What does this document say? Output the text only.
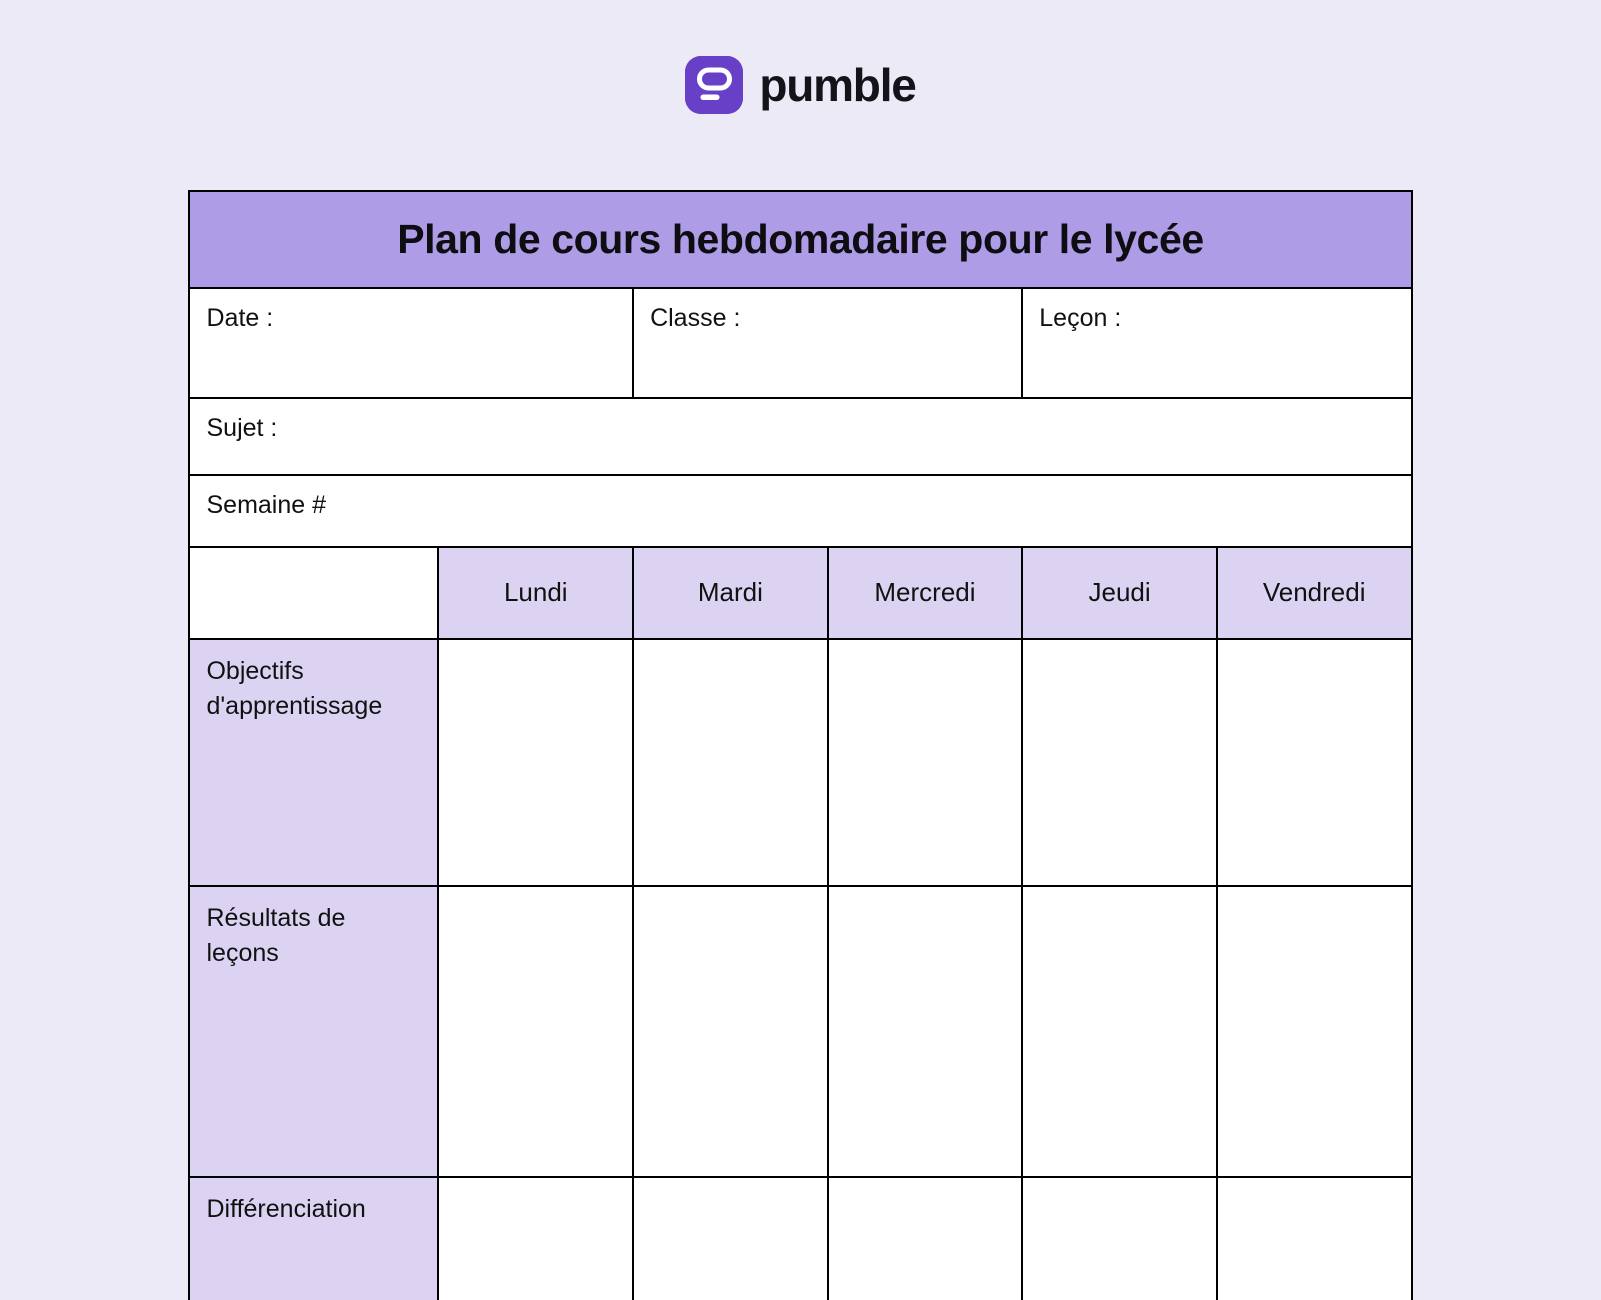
pumble
Plan de cours hebdomadaire pour le lycée					

Date :		Classe :		Leçon :	
Sujet :					
Semaine #					
	Lundi	Mardi	Mercredi	Jeudi	Vendredi
Objectifs d'apprentissage					
Résultats de leçons					
Différenciation					
